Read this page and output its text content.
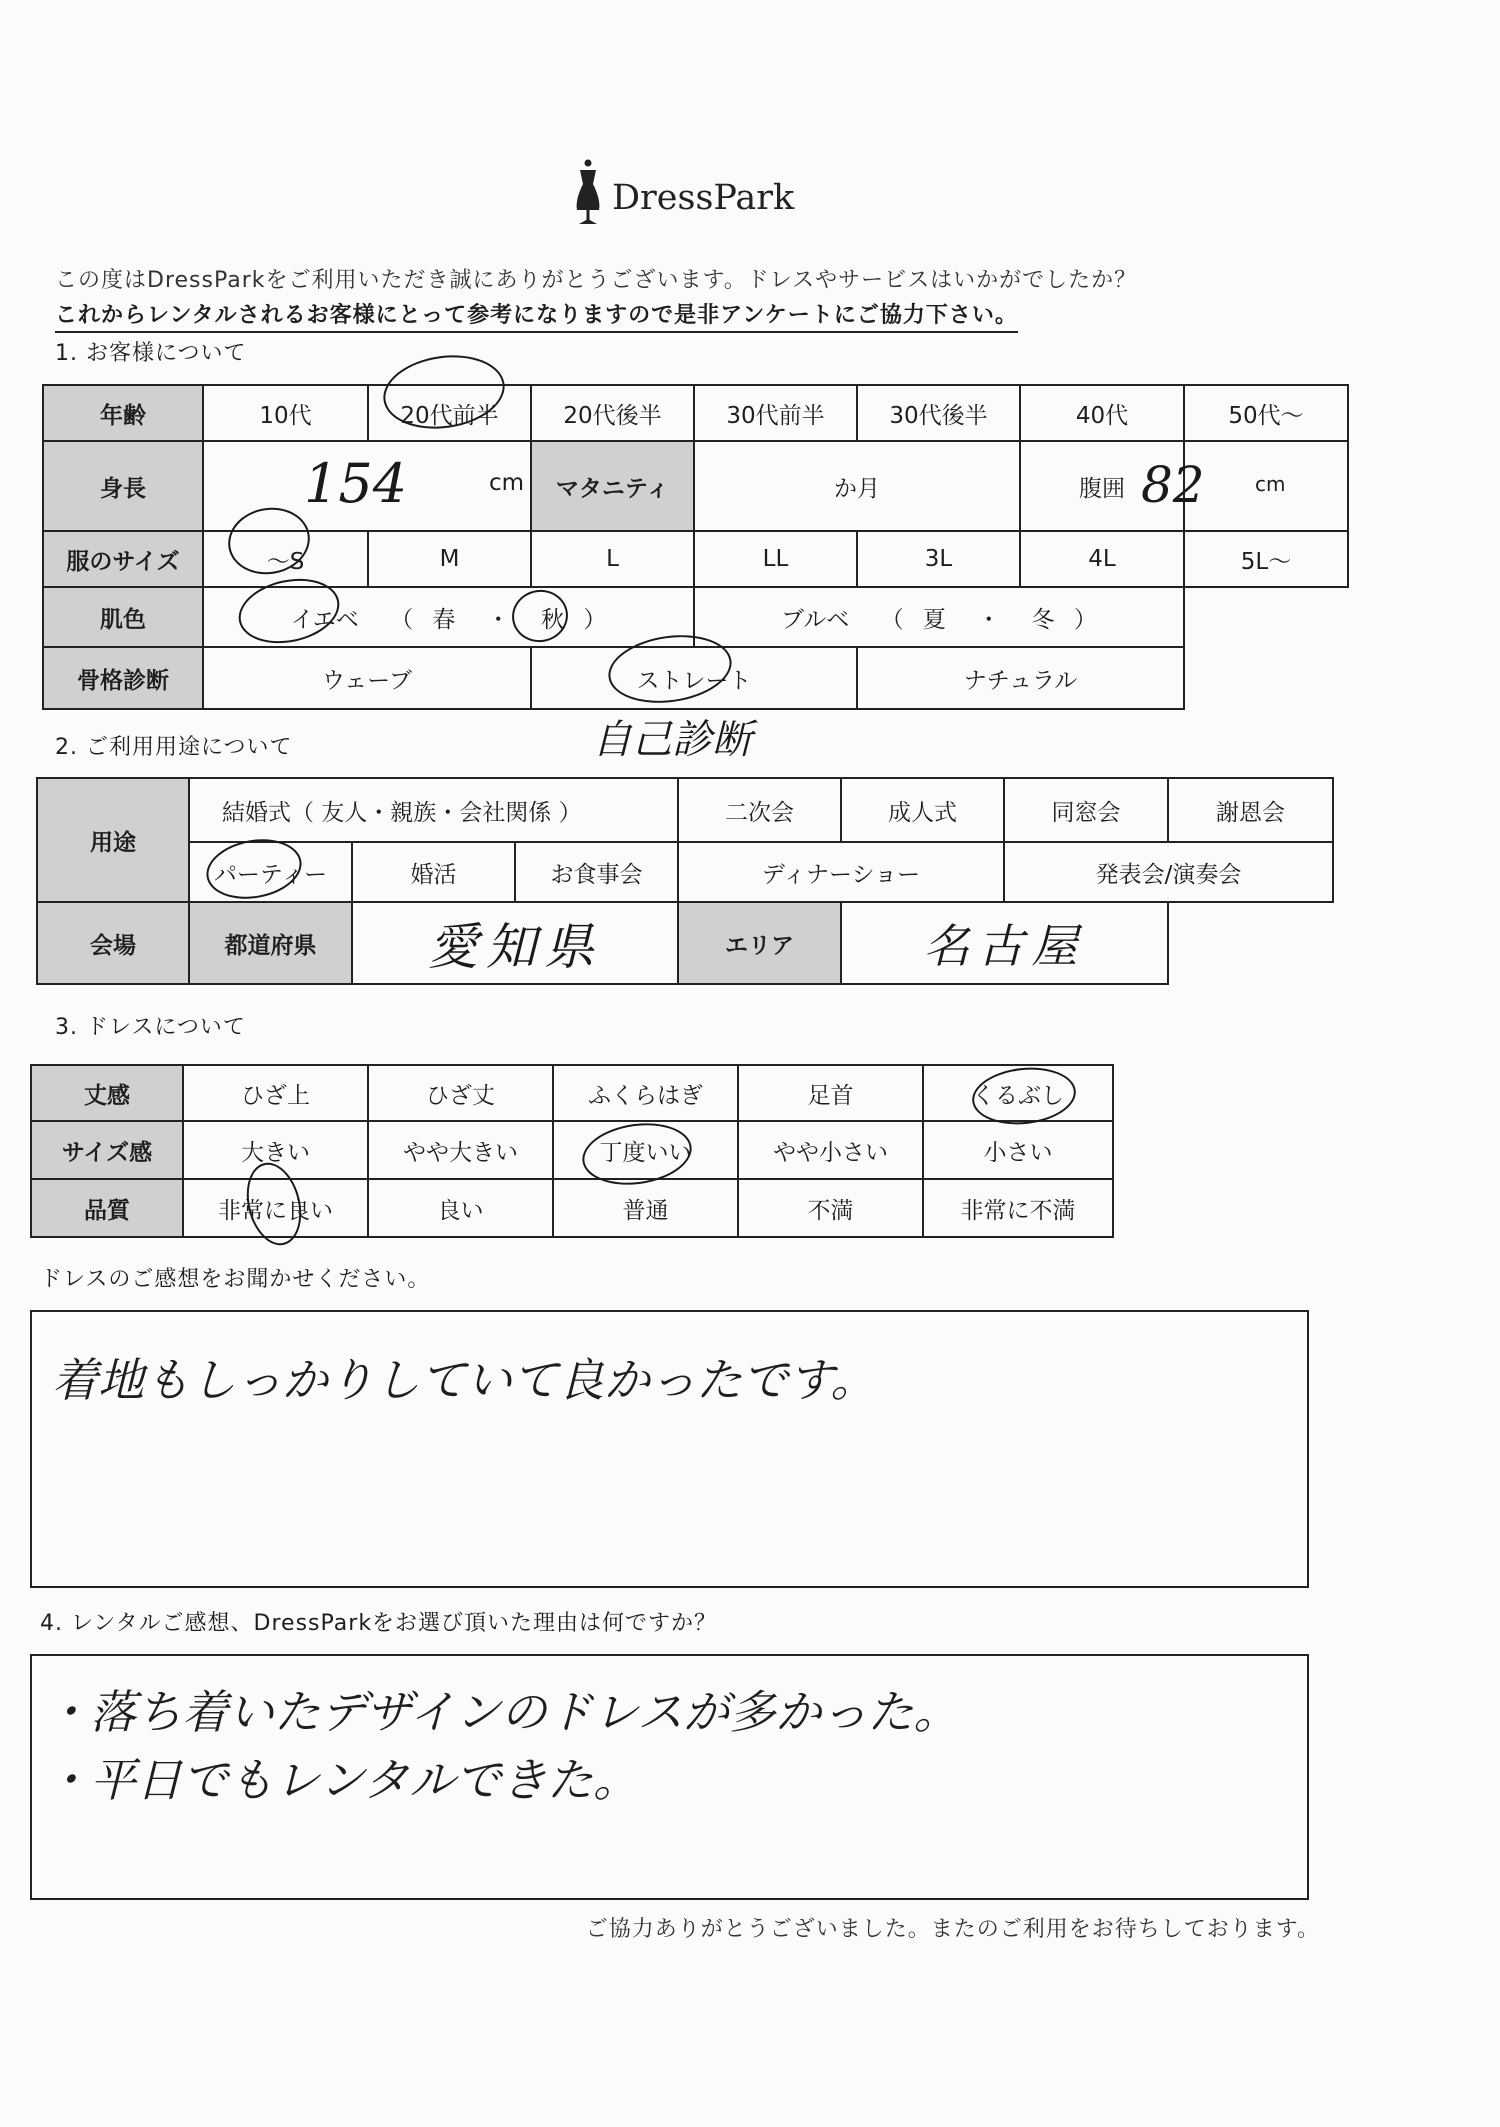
DressPark
この度はDressParkをご利用いただき誠にありがとうございます。ドレスやサービスはいかがでしたか？
これからレンタルされるお客様にとって参考になりますので是非アンケートにご協力下さい。
1. お客様について
年齢	10代	20代前半	20代後半	30代前半	30代後半	40代	50代～
身長	154 cm		マタニティ	か月		腹囲	82 cm

服のサイズ	～S	M	L	LL	3L	4L	5L～
肌色	イエベ （ 春 ・ 秋 ）			ブルベ （ 夏 ・ 冬 ）			
骨格診断	ウェーブ		ストレート		ナチュラル		
自己診断
2. ご利用用途について
用途	結婚式（ 友人・親族・会社関係 ）			二次会	成人式	同窓会	謝恩会
	パーティー	婚活	お食事会	ディナーショー		発表会/演奏会	
会場	都道府県	愛知県		エリア	名古屋		
3. ドレスについて
丈感	ひざ上	ひざ丈	ふくらはぎ	足首	くるぶし
サイズ感	大きい	やや大きい	丁度いい	やや小さい	小さい
品質	非常に良い	良い	普通	不満	非常に不満
ドレスのご感想をお聞かせください。
着地もしっかりしていて良かったです。
4. レンタルご感想、DressParkをお選び頂いた理由は何ですか？
・落ち着いたデザインのドレスが多かった。
・平日でもレンタルできた。
ご協力ありがとうございました。またのご利用をお待ちしております。
